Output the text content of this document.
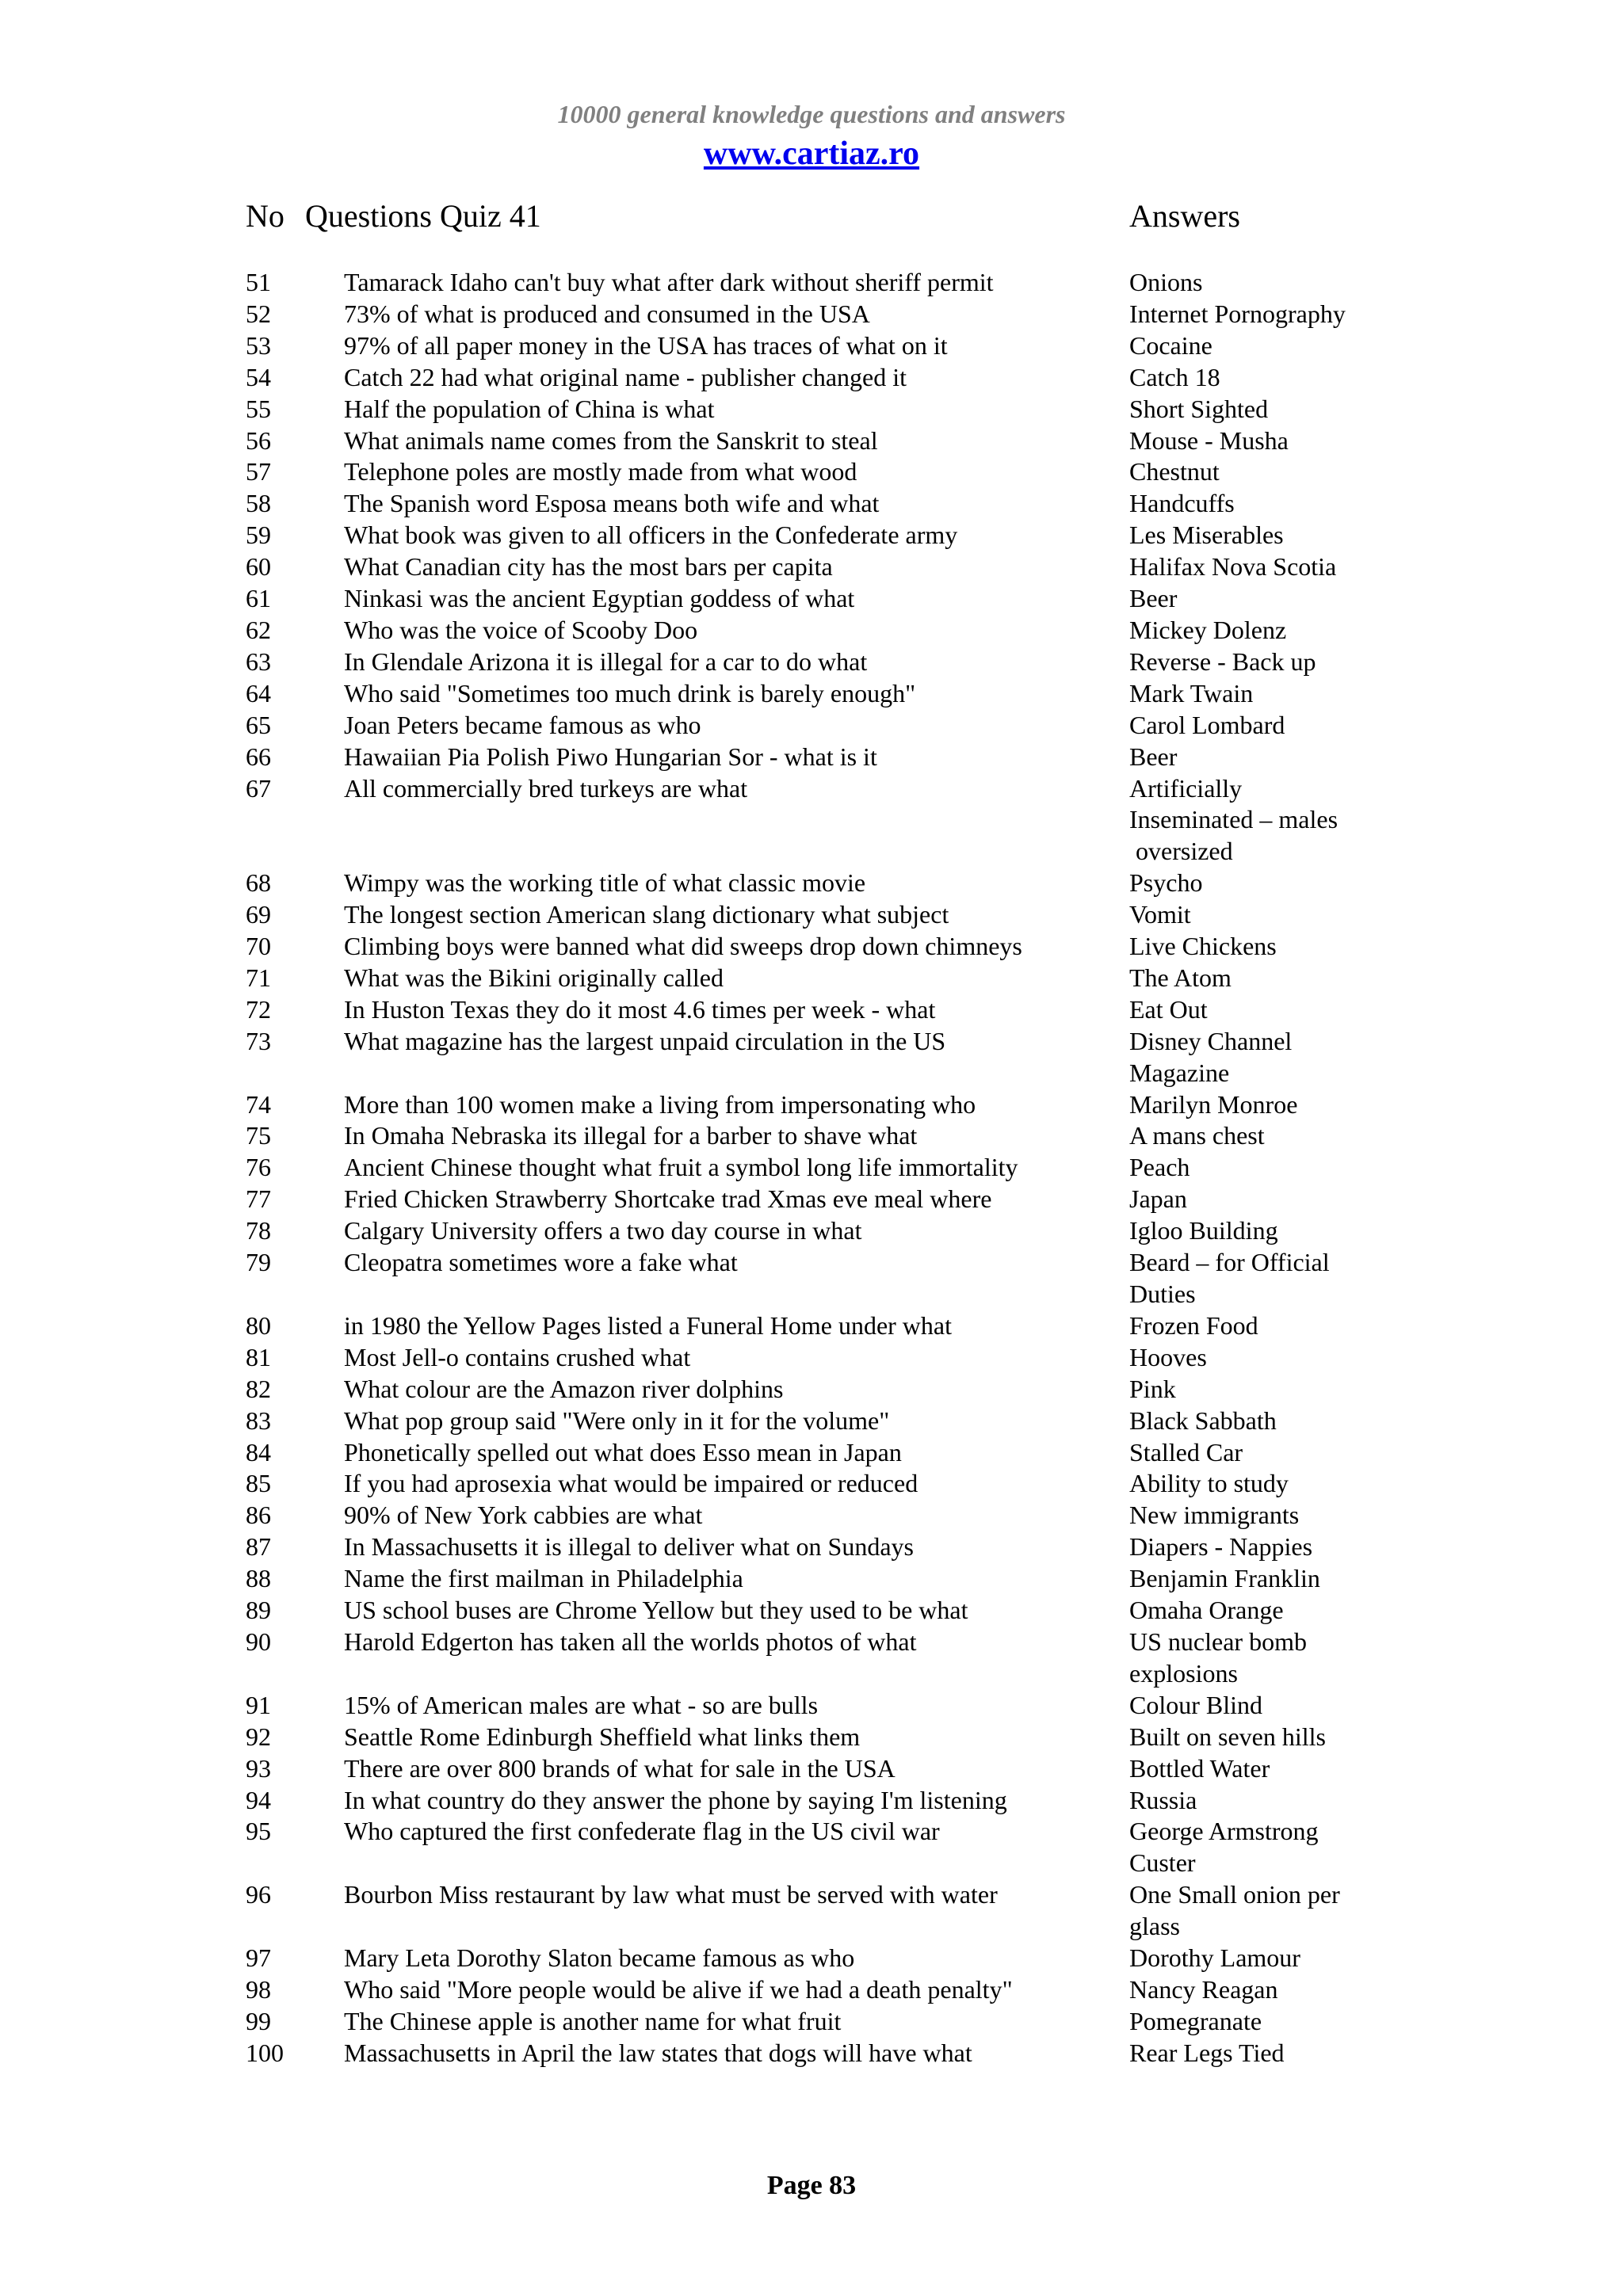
10000 general knowledge questions and answers
www.cartiaz.ro
No Questions Quiz 41	Answers
51	Tamarack Idaho can't buy what after dark without sheriff permit	Onions
52	73% of what is produced and consumed in the USA	Internet Pornography
53	97% of all paper money in the USA has traces of what on it	Cocaine
54	Catch 22 had what original name - publisher changed it	Catch 18
55	Half the population of China is what	Short Sighted
56	What animals name comes from the Sanskrit to steal	Mouse - Musha
57	Telephone poles are mostly made from what wood	Chestnut
58	The Spanish word Esposa means both wife and what	Handcuffs
59	What book was given to all officers in the Confederate army	Les Miserables
60	What Canadian city has the most bars per capita	Halifax Nova Scotia
61	Ninkasi was the ancient Egyptian goddess of what	Beer
62	Who was the voice of Scooby Doo	Mickey Dolenz
63	In Glendale Arizona it is illegal for a car to do what	Reverse - Back up
64	Who said "Sometimes too much drink is barely enough"	Mark Twain
65	Joan Peters became famous as who	Carol Lombard
66	Hawaiian Pia Polish Piwo Hungarian Sor - what is it	Beer
67	All commercially bred turkeys are what	Artificially
Inseminated – males
oversized
68	Wimpy was the working title of what classic movie	Psycho
69	The longest section American slang dictionary what subject	Vomit
70	Climbing boys were banned what did sweeps drop down chimneys	Live Chickens
71	What was the Bikini originally called	The Atom
72	In Huston Texas they do it most 4.6 times per week - what	Eat Out
73	What magazine has the largest unpaid circulation in the US	Disney Channel
Magazine
74	More than 100 women make a living from impersonating who	Marilyn Monroe
75	In Omaha Nebraska its illegal for a barber to shave what	A mans chest
76	Ancient Chinese thought what fruit a symbol long life immortality	Peach
77	Fried Chicken Strawberry Shortcake trad Xmas eve meal where	Japan
78	Calgary University offers a two day course in what	Igloo Building
79	Cleopatra sometimes wore a fake what	Beard – for Official
Duties
80	in 1980 the Yellow Pages listed a Funeral Home under what	Frozen Food
81	Most Jell-o contains crushed what	Hooves
82	What colour are the Amazon river dolphins	Pink
83	What pop group said "Were only in it for the volume"	Black Sabbath
84	Phonetically spelled out what does Esso mean in Japan	Stalled Car
85	If you had aprosexia what would be impaired or reduced	Ability to study
86	90% of New York cabbies are what	New immigrants
87	In Massachusetts it is illegal to deliver what on Sundays	Diapers - Nappies
88	Name the first mailman in Philadelphia	Benjamin Franklin
89	US school buses are Chrome Yellow but they used to be what	Omaha Orange
90	Harold Edgerton has taken all the worlds photos of what	US nuclear bomb
explosions
91	15% of American males are what - so are bulls	Colour Blind
92	Seattle Rome Edinburgh Sheffield what links them	Built on seven hills
93	There are over 800 brands of what for sale in the USA	Bottled Water
94	In what country do they answer the phone by saying I'm listening	Russia
95	Who captured the first confederate flag in the US civil war	George Armstrong
Custer
96	Bourbon Miss restaurant by law what must be served with water	One Small onion per
glass
97	Mary Leta Dorothy Slaton became famous as who	Dorothy Lamour
98	Who said "More people would be alive if we had a death penalty"	Nancy Reagan
99	The Chinese apple is another name for what fruit	Pomegranate
100 Massachusetts in April the law states that dogs will have what	Rear Legs Tied
Page 83
